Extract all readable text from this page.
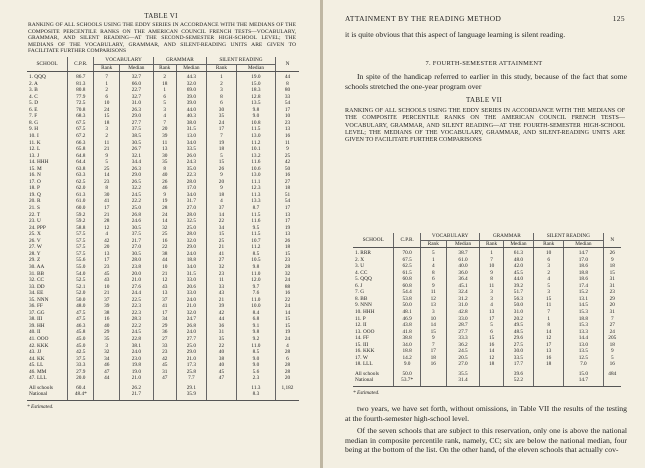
TABLE VI
RANKING OF ALL SCHOOLS USING THE EDDY SERIES IN ACCORDANCE WITH THE MEDIANS OF THE COMPOSITE PERCENTILE RANKS ON THE AMERICAN COUNCIL FRENCH TESTS—VOCABULARY, GRAMMAR, AND SILENT READING—AT THE SECOND-SEMESTER HIGH-SCHOOL LEVEL; THE MEDIANS OF THE VOCABULARY, GRAMMAR, AND SILENT-READING UNITS ARE GIVEN TO FACILITATE FURTHER COMPARISONS
SCHOOL	C.P.R.	VOCABULARY		GRAMMAR		SILENT READING		N
		Rank	Median	Rank	Median	Rank	Median	
1. QQQ	86.7	7	32.7	2	44.3	1	19.0	44
2. A	81.3	1	66.0	18	32.0	2	15.0	8
3. B	80.8	2	22.7	1	69.0	3	18.3	80
4. C	77.9	6	32.7	6	39.0	8	12.8	33
5. D	72.5	10	31.0	5	39.0	6	13.5	54
6. E	70.8	24	26.3	3	44.0	30	9.8	17
7. F	68.3	15	29.0	4	40.3	35	9.0	10
8. G	67.5	18	27.7	7	38.0	24	10.8	23
9. H	67.5	3	37.5	20	31.5	17	11.5	13
10. I	67.2	2	38.5	39	13.0	7	13.0	16
11. K	66.3	11	30.5	11	34.0	19	11.2	11
12. L	65.8	21	26.7	13	33.5	18	10.1	9
13. J	64.8	9	32.1	30	26.0	5	13.2	25
14. HHH	64.4	5	34.4	35	24.3	15	11.6	42
15. M	63.8	25	26.3	8	35.0	26	10.6	50
16. N	63.3	14	29.0	40	22.3	9	13.0	16
17. O	62.5	23	26.5	26	28.0	20	11.1	27
18. P	62.0	8	32.2	46	17.0	9	12.3	18
19. Q	61.3	30	24.5	9	34.0	18	11.3	51
20. R	61.0	41	22.2	19	31.7	4	13.3	54
21. S	60.0	17	25.0	28	27.0	37	8.7	17
22. T	59.2	21	26.8	24	28.0	14	11.5	13
23. U	59.2	28	24.6	14	32.5	22	11.6	17
24. PPP	58.8	12	30.5	32	25.0	34	9.5	19
25. X	57.5	4	37.5	25	28.0	15	11.5	13
26. V	57.5	42	21.7	16	32.0	25	10.7	26
27. W	57.5	20	27.0	22	29.0	21	11.2	18
28. Y	57.5	13	30.5	38	24.0	41	8.5	15
29. Z	55.6	17	28.0	44	18.8	27	10.5	23
30. AA	55.0	23	23.8	10	34.0	32	9.8	28
31. BB	54.0	45	20.0	21	31.5	23	11.0	32
32. CC	52.5	43	21.0	12	33.0	11	12.0	24
33. DD	52.1	10	27.6	43	20.6	33	9.7	88
34. EE	52.0	21	24.4	13	33.0	43	7.6	16
35. NNN	50.0	37	22.5	37	24.0	21	11.0	22
36. FF	48.0	39	22.3	41	21.0	39	10.0	24
37. GG	47.5	38	22.3	17	32.0	42	8.4	14
38. III	47.5	16	28.3	34	24.7	44	6.8	15
39. HH	46.3	40	22.2	29	26.8	36	9.1	15
40. II	45.8	29	24.5	36	24.0	31	9.8	19
41. OOO	45.0	35	22.8	27	27.7	35	9.2	24
42. KKK	45.0	3	38.1	33	25.0	22	11.0	4
43. JJ	42.5	32	24.0	23	29.0	40	8.5	28
44. KK	37.5	34	23.0	42	21.0	38	9.0	6
45. LL	33.3	46	19.8	45	17.3	40	9.0	28
46. MM	27.9	47	19.0	31	25.8	45	5.6	28
47. LLL	20.0	44	21.0	47	7.7	47	2.3	20
All schools	60.4		26.2		29.1		11.3	1,182
National	48.4*		21.7		35.9		8.3	
* Estimated.
ATTAINMENT BY THE READING METHOD	125

it is quite obvious that this aspect of language learning is silent reading.

7. FOURTH-SEMESTER ATTAINMENT

In spite of the handicap referred to earlier in this study, because of the fact that some schools stretched the one-year program over

TABLE VII
RANKING OF ALL SCHOOLS USING THE EDDY SERIES IN ACCORDANCE WITH THE MEDIANS OF THE COMPOSITE PERCENTILE RANKS ON THE AMERICAN COUNCIL FRENCH TESTS—VOCABULARY, GRAMMAR, AND SILENT READING—AT THE FOURTH-SEMESTER HIGH-SCHOOL LEVEL; THE MEDIANS OF THE VOCABULARY, GRAMMAR, AND SILENT-READING UNITS ARE GIVEN TO FACILITATE FURTHER COMPARISONS
SCHOOL	C.P.R.	VOCABULARY		GRAMMAR		SILENT READING		N
		Rank	Median	Rank	Median	Rank	Median	
1. RRR	70.0	5	38.7	1	61.3	10	14.7	26
2. X	67.5	1	61.0	7	48.0	6	17.0	9
3. U	62.5	4	40.0	10	42.0	3	18.6	18
4. CC	61.5	8	36.0	9	45.5	2	18.8	15
5. QQQ	60.8	6	36.4	8	44.0	4	18.6	31
6. J	60.8	9	45.1	11	39.2	5	17.4	31
7. G	54.4	11	32.4	3	51.7	3	15.2	23
8. BB	53.8	12	31.2	3	56.3	15	13.1	29
9. NNN	50.0	13	31.0	4	50.0	11	14.5	20
10. HHH	48.1	3	42.8	13	31.0	7	15.3	31
11. P	46.9	10	33.0	17	20.2	1	18.8	7
12. II	43.8	14	28.7	5	49.5	8	15.3	27
13. OOO	41.8	15	27.7	6	48.5	14	13.3	24
14. FF	38.8	9	33.3	15	29.6	12	14.4	205
15. III	34.0	7	36.2	16	27.5	17	13.0	18
16. KKK	18.8	17	24.5	14	30.0	13	13.5	9
17. W	14.2	18	20.5	12	33.5	16	12.5	5
18. LLL	9.0	16	27.0	18	17.7	18	7.0	16
All schools	50.0		35.5		39.6		15.0	484
National	53.7*		31.4		52.2		14.7	
* Estimated.

two years, we have set forth, without omissions, in Table VII the results of the testing at the fourth-semester high-school level.

Of the seven schools that are subject to this reservation, only one is above the national median in composite percentile rank, namely, CC; six are below the national median, four being at the bottom of the list. On the other hand, of the eleven schools that actually cov-
